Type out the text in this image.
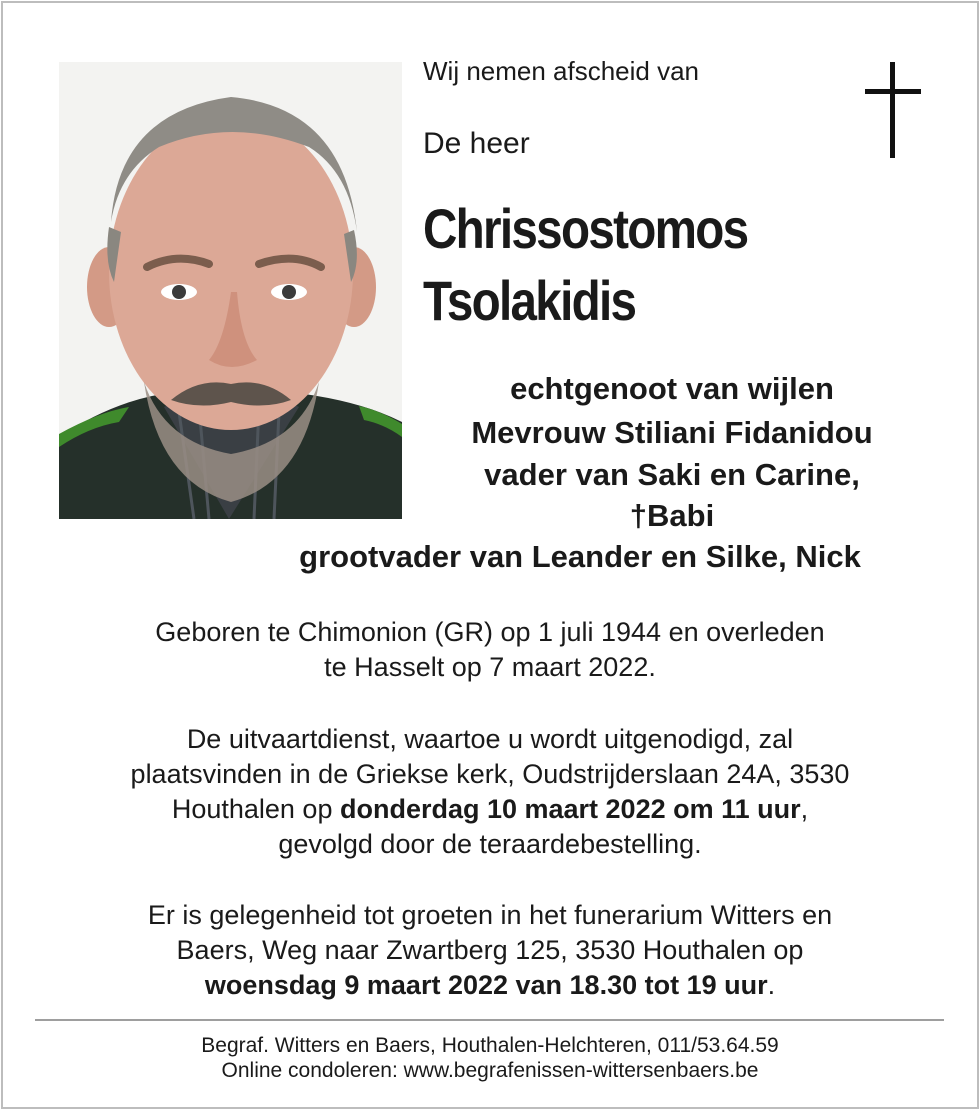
Wij nemen afscheid van

De heer

Chrissostomos
Tsolakidis

echtgenoot van wijlen

Mevrouw Stiliani Fidanidou

vader van Saki en Carine,

†Babi

grootvader van Leander en Silke, Nick

Geboren te Chimonion (GR) op 1 juli 1944 en overleden
te Hasselt op 7 maart 2022.

De uitvaartdienst, waartoe u wordt uitgenodigd, zal
plaatsvinden in de Griekse kerk, Oudstrijderslaan 24A, 3530
Houthalen op donderdag 10 maart 2022 om 11 uur,
gevolgd door de teraardebestelling.

Er is gelegenheid tot groeten in het funerarium Witters en
Baers, Weg naar Zwartberg 125, 3530 Houthalen op
woensdag 9 maart 2022 van 18.30 tot 19 uur.

Begraf. Witters en Baers, Houthalen-Helchteren, 011/53.64.59

Online condoleren: www.begrafenissen-wittersenbaers.be
